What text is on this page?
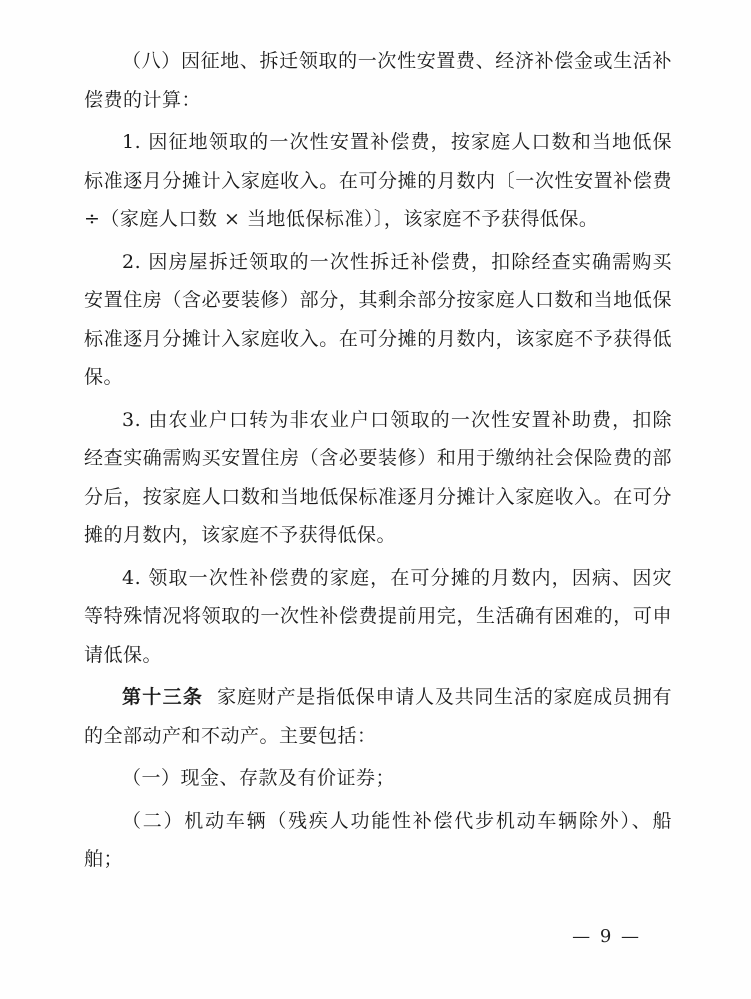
（八）因征地、拆迁领取的一次性安置费、经济补偿金或生活补偿费的计算：

1. 因征地领取的一次性安置补偿费，按家庭人口数和当地低保标准逐月分摊计入家庭收入。在可分摊的月数内〔一次性安置补偿费÷（家庭人口数 × 当地低保标准）〕，该家庭不予获得低保。

2. 因房屋拆迁领取的一次性拆迁补偿费，扣除经查实确需购买安置住房（含必要装修）部分，其剩余部分按家庭人口数和当地低保标准逐月分摊计入家庭收入。在可分摊的月数内，该家庭不予获得低保。

3. 由农业户口转为非农业户口领取的一次性安置补助费，扣除经查实确需购买安置住房（含必要装修）和用于缴纳社会保险费的部分后，按家庭人口数和当地低保标准逐月分摊计入家庭收入。在可分摊的月数内，该家庭不予获得低保。

4. 领取一次性补偿费的家庭，在可分摊的月数内，因病、因灾等特殊情况将领取的一次性补偿费提前用完，生活确有困难的，可申请低保。

第十三条 家庭财产是指低保申请人及共同生活的家庭成员拥有的全部动产和不动产。主要包括：

（一）现金、存款及有价证券；

（二）机动车辆（残疾人功能性补偿代步机动车辆除外）、船舶；

— 9 —
